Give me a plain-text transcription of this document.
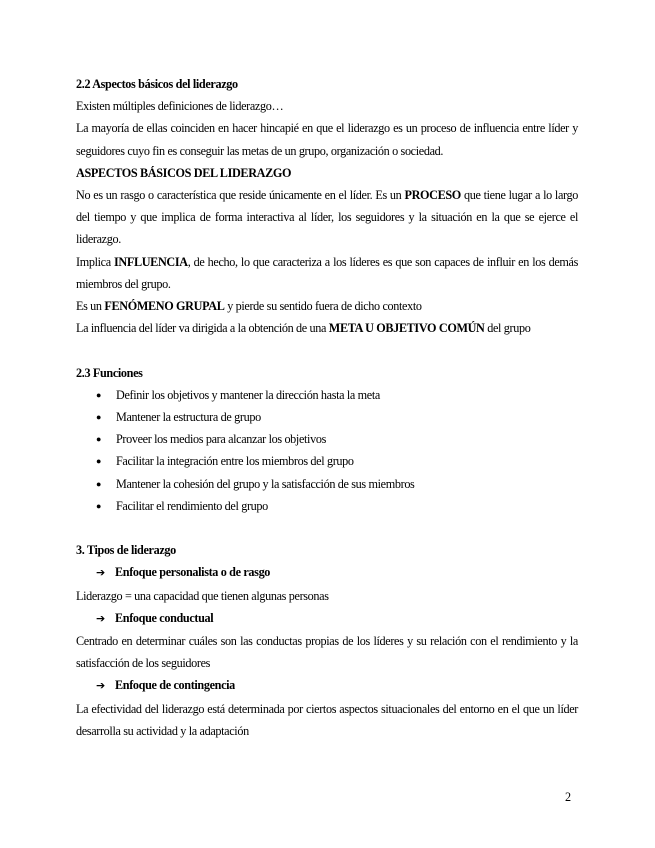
2.2 Aspectos básicos del liderazgo

Existen múltiples definiciones de liderazgo…

La mayoría de ellas coinciden en hacer hincapié en que el liderazgo es un proceso de influencia entre líder y seguidores cuyo fin es conseguir las metas de un grupo, organización o sociedad.

ASPECTOS BÁSICOS DEL LIDERAZGO

No es un rasgo o característica que reside únicamente en el líder. Es un PROCESO que tiene lugar a lo largo del tiempo y que implica de forma interactiva al líder, los seguidores y la situación en la que se ejerce el liderazgo.

Implica INFLUENCIA, de hecho, lo que caracteriza a los líderes es que son capaces de influir en los demás miembros del grupo.

Es un FENÓMENO GRUPAL y pierde su sentido fuera de dicho contexto

La influencia del líder va dirigida a la obtención de una META U OBJETIVO COMÚN del grupo

2.3 Funciones

● Definir los objetivos y mantener la dirección hasta la meta
● Mantener la estructura de grupo
● Proveer los medios para alcanzar los objetivos
● Facilitar la integración entre los miembros del grupo
● Mantener la cohesión del grupo y la satisfacción de sus miembros
● Facilitar el rendimiento del grupo

3. Tipos de liderazgo

➔ Enfoque personalista o de rasgo

Liderazgo = una capacidad que tienen algunas personas

➔ Enfoque conductual

Centrado en determinar cuáles son las conductas propias de los líderes y su relación con el rendimiento y la satisfacción de los seguidores

➔ Enfoque de contingencia

La efectividad del liderazgo está determinada por ciertos aspectos situacionales del entorno en el que un líder desarrolla su actividad y la adaptación

2
